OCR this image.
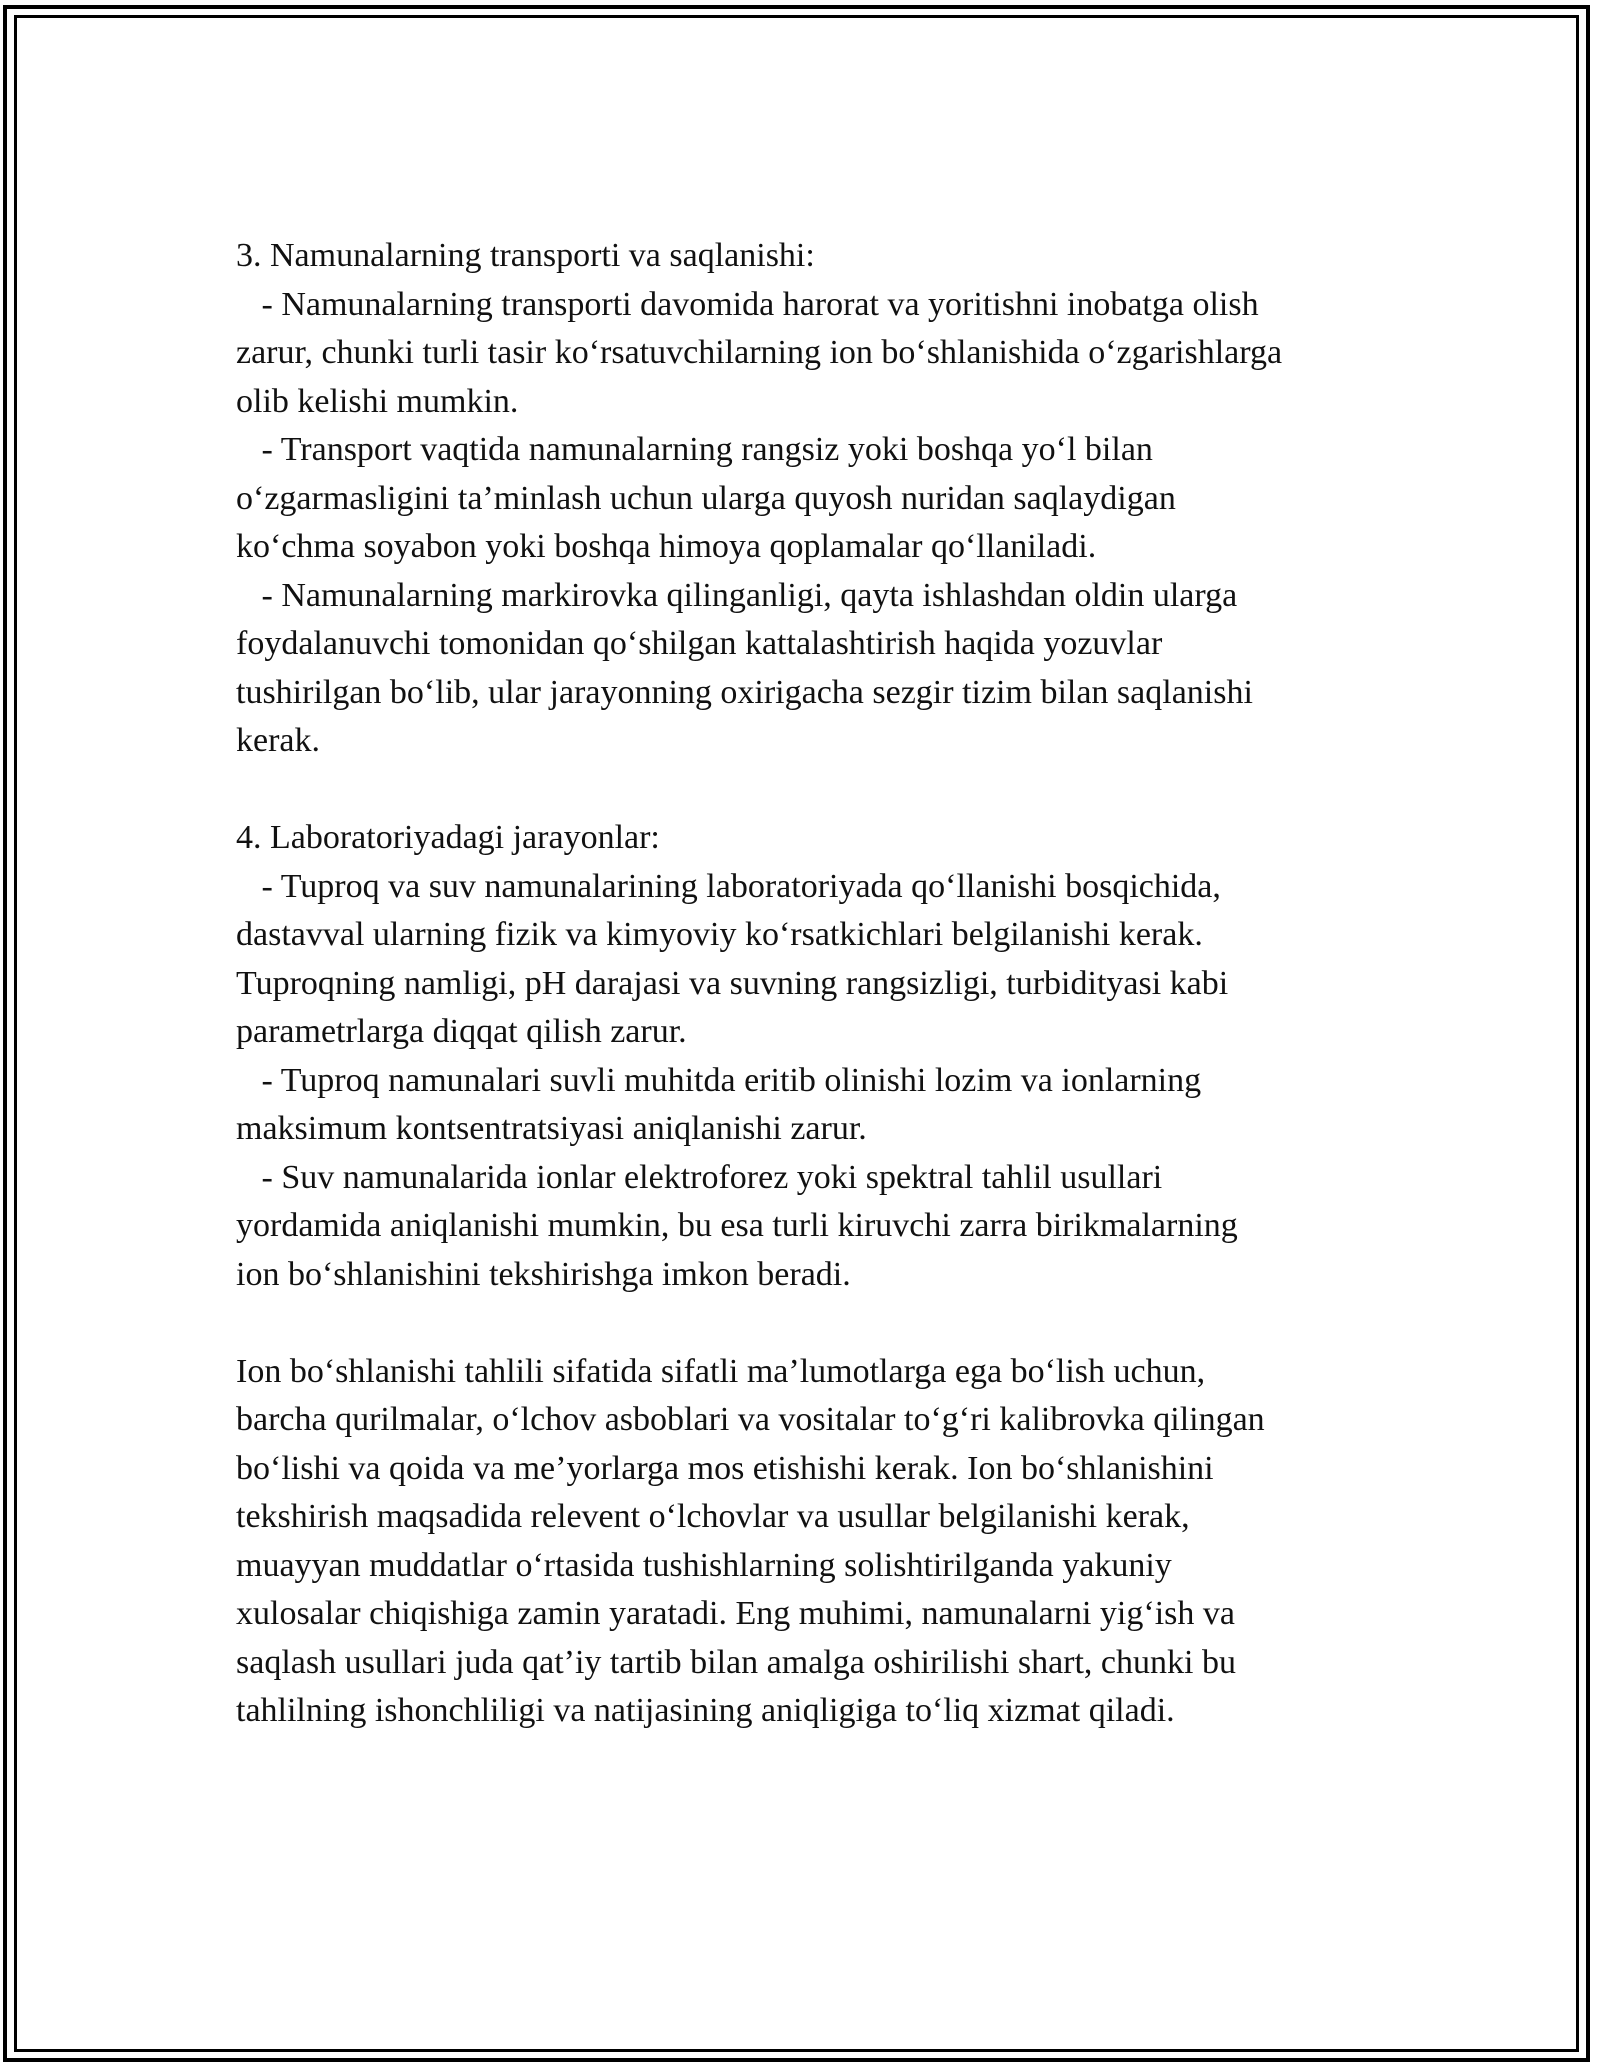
3. Namunalarning transporti va saqlanishi:
- Namunalarning transporti davomida harorat va yoritishni inobatga olish
zarur, chunki turli tasir ko‘rsatuvchilarning ion bo‘shlanishida o‘zgarishlarga
olib kelishi mumkin.
- Transport vaqtida namunalarning rangsiz yoki boshqa yo‘l bilan
o‘zgarmasligini ta’minlash uchun ularga quyosh nuridan saqlaydigan
ko‘chma soyabon yoki boshqa himoya qoplamalar qo‘llaniladi.
- Namunalarning markirovka qilinganligi, qayta ishlashdan oldin ularga
foydalanuvchi tomonidan qo‘shilgan kattalashtirish haqida yozuvlar
tushirilgan bo‘lib, ular jarayonning oxirigacha sezgir tizim bilan saqlanishi
kerak.
4. Laboratoriyadagi jarayonlar:
- Tuproq va suv namunalarining laboratoriyada qo‘llanishi bosqichida,
dastavval ularning fizik va kimyoviy ko‘rsatkichlari belgilanishi kerak.
Tuproqning namligi, pH darajasi va suvning rangsizligi, turbidityasi kabi
parametrlarga diqqat qilish zarur.
- Tuproq namunalari suvli muhitda eritib olinishi lozim va ionlarning
maksimum kontsentratsiyasi aniqlanishi zarur.
- Suv namunalarida ionlar elektroforez yoki spektral tahlil usullari
yordamida aniqlanishi mumkin, bu esa turli kiruvchi zarra birikmalarning
ion bo‘shlanishini tekshirishga imkon beradi.
Ion bo‘shlanishi tahlili sifatida sifatli ma’lumotlarga ega bo‘lish uchun,
barcha qurilmalar, o‘lchov asboblari va vositalar to‘g‘ri kalibrovka qilingan
bo‘lishi va qoida va me’yorlarga mos etishishi kerak. Ion bo‘shlanishini
tekshirish maqsadida relevent o‘lchovlar va usullar belgilanishi kerak,
muayyan muddatlar o‘rtasida tushishlarning solishtirilganda yakuniy
xulosalar chiqishiga zamin yaratadi. Eng muhimi, namunalarni yig‘ish va
saqlash usullari juda qat’iy tartib bilan amalga oshirilishi shart, chunki bu
tahlilning ishonchliligi va natijasining aniqligiga to‘liq xizmat qiladi.
